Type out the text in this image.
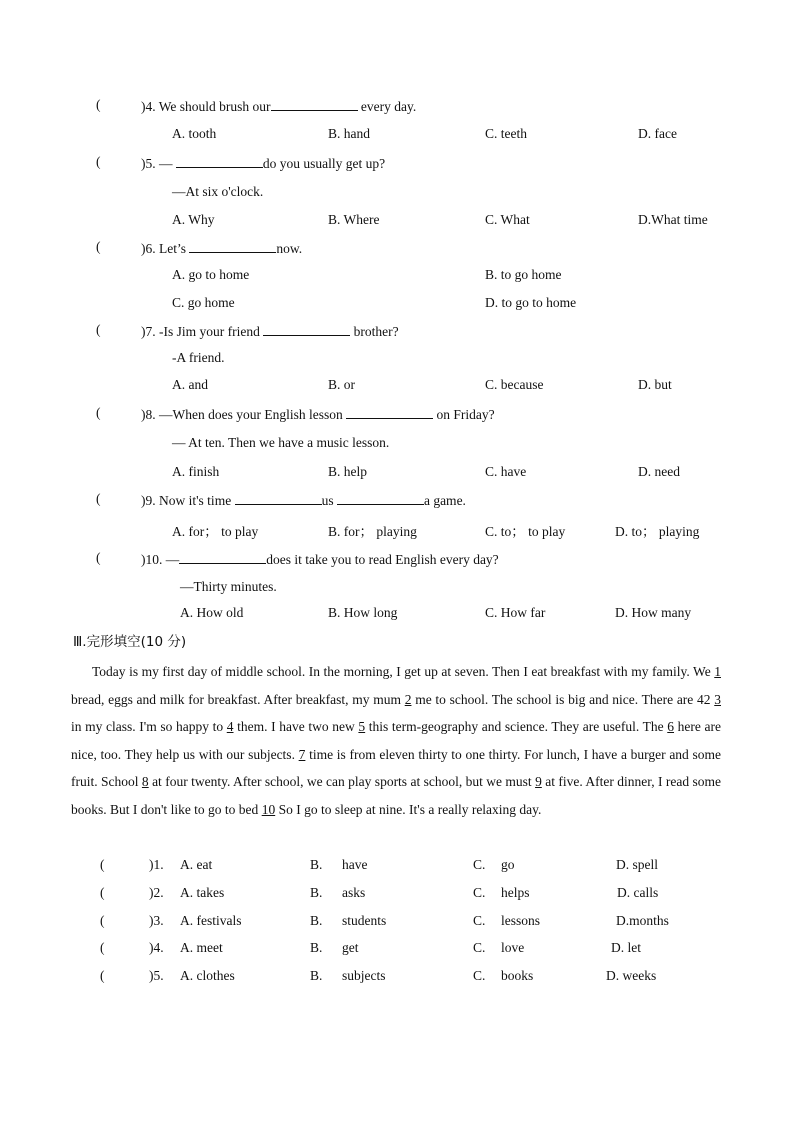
(	)4. We should brush our	every day.
A. tooth	B. hand	C. teeth	D. face
(	)5. —	do you usually get up?
—At six o'clock.
A. Why	B. Where	C. What	D.What time
(	)6. Let’s	now.
A. go to home	B. to go home
C. go home	D. to go to home
(	)7. -Is Jim your friend	brother?
-A friend.
A. and	B. or	C. because	D. but
(	)8. —When does your English lesson	on Friday?
— At ten. Then we have a music lesson.
A. finish	B. help	C. have	D. need
(	)9. Now it's time	us	a game.
A. for； to play	B. for； playing	C. to； to play	D. to； playing
(	)10. —	does it take you to read English every day?
—Thirty minutes.
A. How old	B. How long	C. How far	D. How many
Ⅲ.完形填空(10 分)

Today is my first day of middle school. In the morning, I get up at seven. Then I eat breakfast with my family. We 1 bread, eggs and milk for breakfast. After breakfast, my mum 2 me to school. The school is big and nice. There are 42 3 in my class. I'm so happy to 4 them. I have two new 5 this term-geography and science. They are useful. The 6 here are nice, too. They help us with our subjects. 7 time is from eleven thirty to one thirty. For lunch, I have a burger and some fruit. School 8 at four twenty. After school, we can play sports at school, but we must 9 at five. After dinner, I read some books. But I don't like to go to bed 10 So I go to sleep at nine. It's a really relaxing day.

(	)1. A. eat	B. have	C. go	D. spell
(	)2. A. takes	B. asks	C. helps	D. calls
(	)3. A. festivals	B. students	C. lessons	D.months
(	)4. A. meet	B. get	C. love	D. let
(	)5. A. clothes	B. subjects	C. books	D. weeks
